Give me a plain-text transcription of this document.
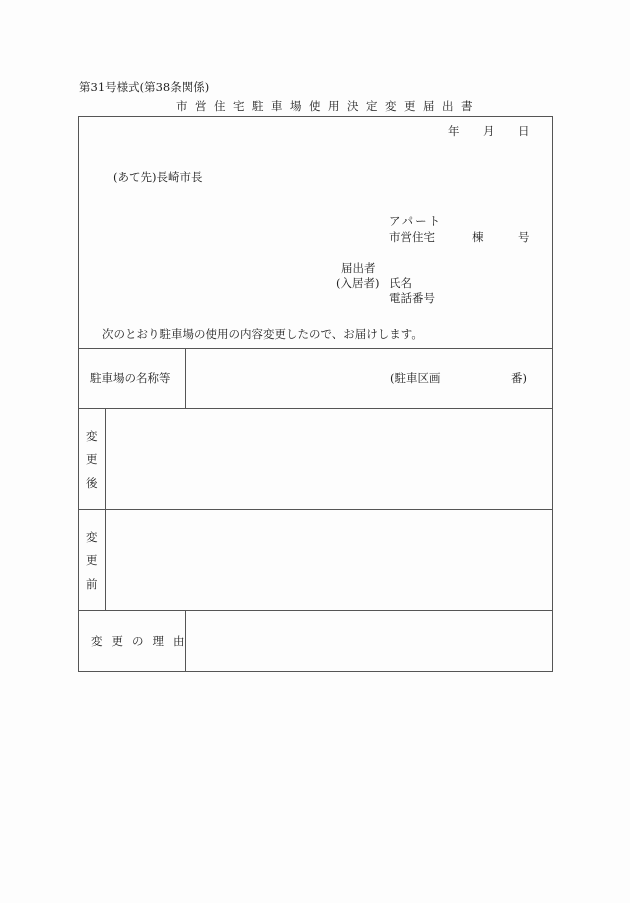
第31号様式(第38条関係)
市営住宅駐車場使用決定変更届出書
年 月 日
(あて先)長崎市長
アパート
市営住宅	棟	号
届出者
(入居者) 氏名
電話番号
次のとおり駐車場の使用の内容変更したので、お届けします。
駐車場の名称等	(駐車区画	番)
変
更
後
変
更
前
変更の理由
